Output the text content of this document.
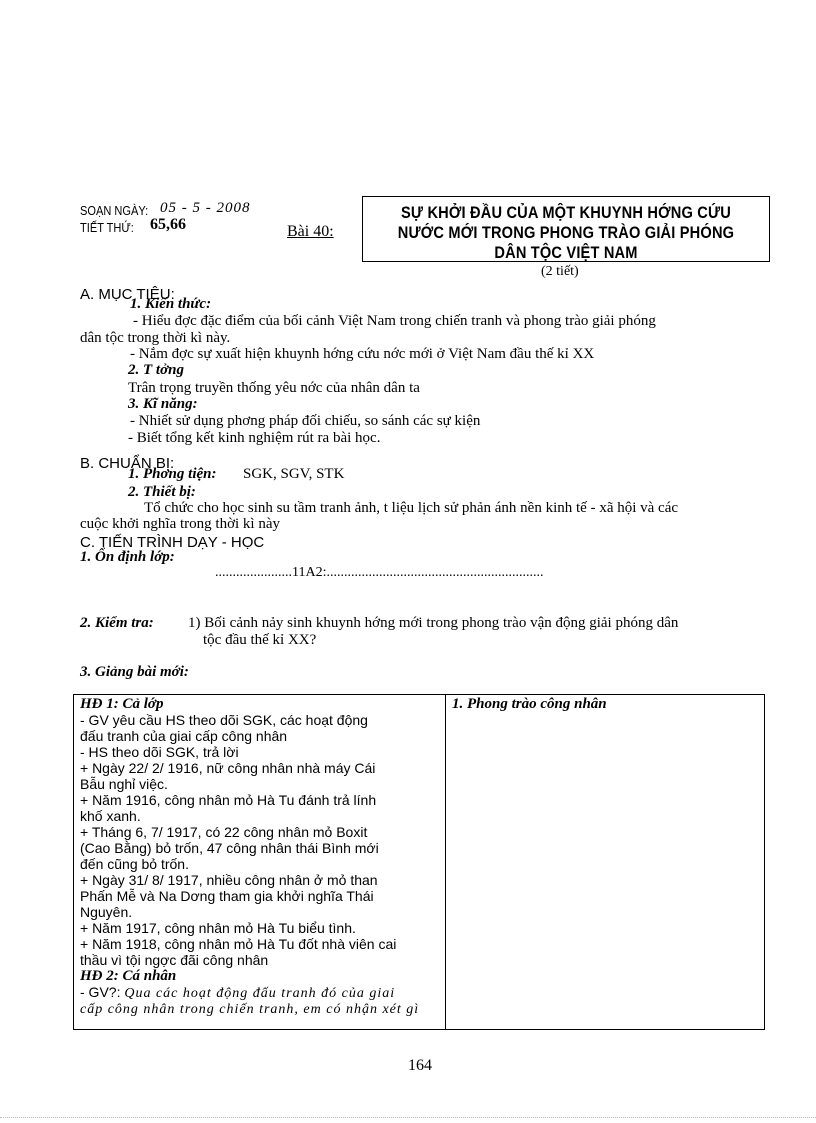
SOẠN NGÀY: 05 - 5 - 2008
TIẾT THỨ: 65,66	Bài 40:
SỰ KHỞI ĐẦU CỦA MỘT KHUYNH HỚNG CỨU NƯỚC MỚI TRONG PHONG TRÀO GIẢI PHÓNG DÂN TỘC VIỆT NAM
(2 tiết)
A. MỤC TIÊU:
1. Kiến thức:
- Hiểu đợc đặc điểm của bối cảnh Việt Nam trong chiến tranh và phong trào giải phóng
dân tộc trong thời kì này.
- Nắm đợc sự xuất hiện khuynh hớng cứu nớc mới ở Việt Nam đầu thế kỉ XX
2. T tởng
Trân trọng truyền thống yêu nớc của nhân dân ta
3. Kĩ năng:
- Nhiết sử dụng phơng pháp đối chiếu, so sánh các sự kiện
- Biết tổng kết kinh nghiệm rút ra bài học.
B. CHUẨN BỊ:
1. Phơng tiện: SGK, SGV, STK
2. Thiết bị:
Tổ chức cho học sinh su tầm tranh ảnh, t liệu lịch sử phản ánh nền kinh tế - xã hội và các
cuộc khởi nghĩa trong thời kì này
C. TIẾN TRÌNH DẠY - HỌC
1. Ổn định lớp:
......................11A2:..............................................................
2. Kiểm tra: 1) Bối cảnh nảy sinh khuynh hớng mới trong phong trào vận động giải phóng dân
tộc đầu thế kỉ XX?
3. Giảng bài mới:
HĐ 1: Cả lớp
- GV yêu cầu HS theo dõi SGK, các hoạt động
đấu tranh của giai cấp công nhân
- HS theo dõi SGK, trả lời
+ Ngày 22/ 2/ 1916, nữ công nhân nhà máy Cái
Bẫu nghỉ việc.
+ Năm 1916, công nhân mỏ Hà Tu đánh trả lính
khố xanh.
+ Tháng 6, 7/ 1917, có 22 công nhân mỏ Boxit
(Cao Bằng) bỏ trốn, 47 công nhân thái Bình mới
đến cũng bỏ trốn.
+ Ngày 31/ 8/ 1917, nhiều công nhân ở mỏ than
Phấn Mễ và Na Dơng tham gia khởi nghĩa Thái
Nguyên.
+ Năm 1917, công nhân mỏ Hà Tu biểu tình.
+ Năm 1918, công nhân mỏ Hà Tu đốt nhà viên cai
thầu vì tội ngợc đãi công nhân
HĐ 2: Cá nhân
- GV?: Qua các hoạt động đấu tranh đó của giai
cấp công nhân trong chiến tranh, em có nhận xét gì

1. Phong trào công nhân
164
